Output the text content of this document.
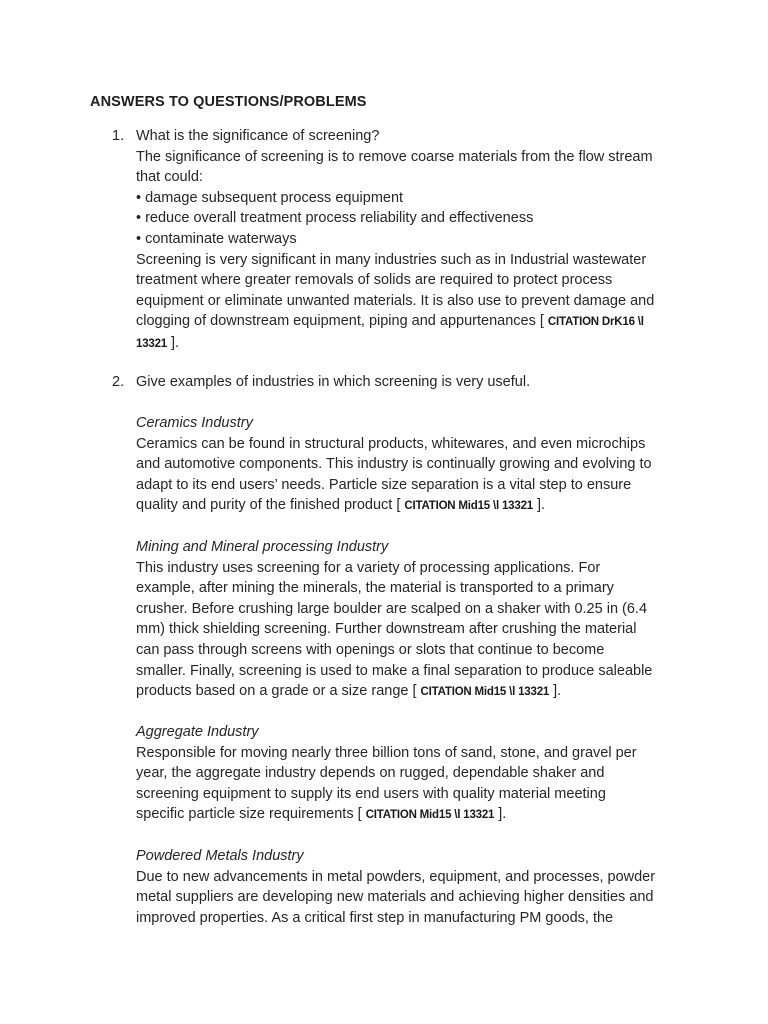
ANSWERS TO QUESTIONS/PROBLEMS
1. What is the significance of screening?
The significance of screening is to remove coarse materials from the flow stream
that could:
• damage subsequent process equipment
• reduce overall treatment process reliability and effectiveness
• contaminate waterways
Screening is very significant in many industries such as in Industrial wastewater
treatment where greater removals of solids are required to protect process
equipment or eliminate unwanted materials. It is also use to prevent damage and
clogging of downstream equipment, piping and appurtenances [ CITATION DrK16 \l
13321 ].
2. Give examples of industries in which screening is very useful.
Ceramics Industry
Ceramics can be found in structural products, whitewares, and even microchips
and automotive components. This industry is continually growing and evolving to
adapt to its end users’ needs. Particle size separation is a vital step to ensure
quality and purity of the finished product [ CITATION Mid15 \l 13321 ].
Mining and Mineral processing Industry
This industry uses screening for a variety of processing applications. For
example, after mining the minerals, the material is transported to a primary
crusher. Before crushing large boulder are scalped on a shaker with 0.25 in (6.4
mm) thick shielding screening. Further downstream after crushing the material
can pass through screens with openings or slots that continue to become
smaller. Finally, screening is used to make a final separation to produce saleable
products based on a grade or a size range [ CITATION Mid15 \l 13321 ].
Aggregate Industry
Responsible for moving nearly three billion tons of sand, stone, and gravel per
year, the aggregate industry depends on rugged, dependable shaker and
screening equipment to supply its end users with quality material meeting
specific particle size requirements [ CITATION Mid15 \l 13321 ].
Powdered Metals Industry
Due to new advancements in metal powders, equipment, and processes, powder
metal suppliers are developing new materials and achieving higher densities and
improved properties. As a critical first step in manufacturing PM goods, the
